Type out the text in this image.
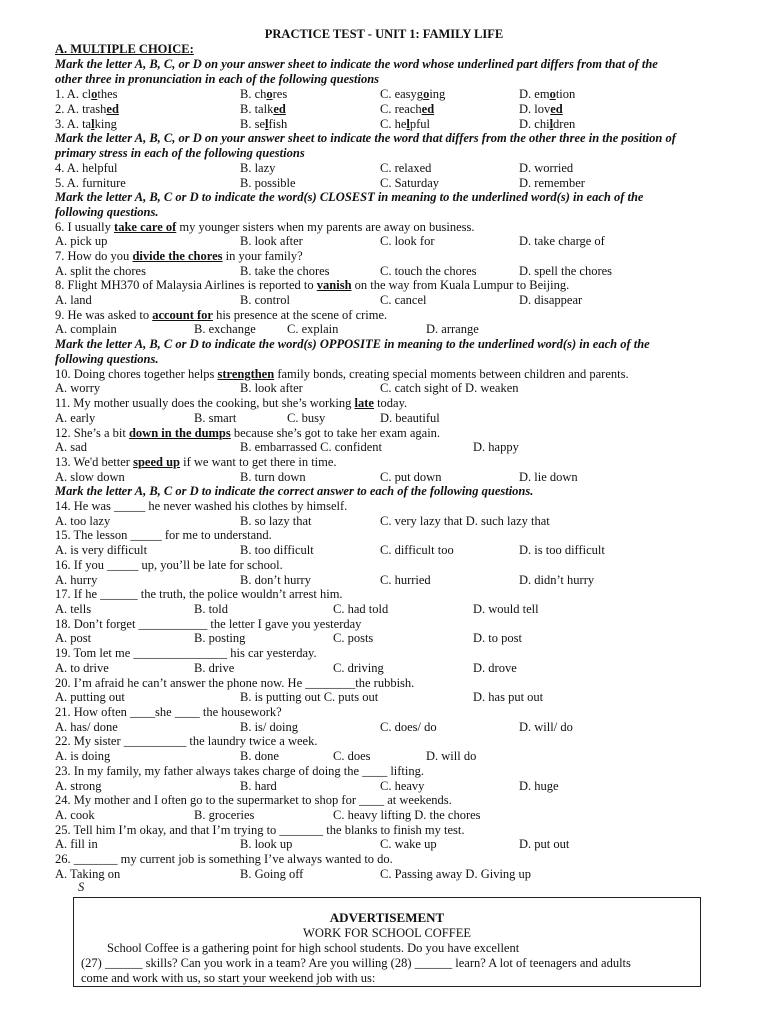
PRACTICE TEST - UNIT 1: FAMILY LIFE
A. MULTIPLE CHOICE:
Mark the letter A, B, C, or D on your answer sheet to indicate the word whose underlined part differs from that of the
other three in pronunciation in each of the following questions
1. A. clothes	B. chores	C. easygoing	D. emotion
2. A. trashed	B. talked	C. reached	D. loved
3. A. talking	B. selfish	C. helpful	D. children
Mark the letter A, B, C, or D on your answer sheet to indicate the word that differs from the other three in the position of
primary stress in each of the following questions
4. A. helpful	B. lazy	C. relaxed	D. worried
5. A. furniture	B. possible	C. Saturday	D. remember
Mark the letter A, B, C or D to indicate the word(s) CLOSEST in meaning to the underlined word(s) in each of the
following questions.
6. I usually take care of my younger sisters when my parents are away on business.
A. pick up	B. look after	C. look for	D. take charge of
7. How do you divide the chores in your family?
A. split the chores	B. take the chores	C. touch the chores	D. spell the chores
8. Flight MH370 of Malaysia Airlines is reported to vanish on the way from Kuala Lumpur to Beijing.
A. land	B. control	C. cancel	D. disappear
9. He was asked to account for his presence at the scene of crime.
A. complain	B. exchange C. explain	D. arrange
Mark the letter A, B, C or D to indicate the word(s) OPPOSITE in meaning to the underlined word(s) in each of the
following questions.
10. Doing chores together helps strengthen family bonds, creating special moments between children and parents.
A. worry	B. look after	C. catch sight of D. weaken
11. My mother usually does the cooking, but she’s working late today.
A. early	B. smart	C. busy	D. beautiful
12. She’s a bit down in the dumps because she’s got to take her exam again.
A. sad	B. embarrassed C. confident	D. happy
13. We'd better speed up if we want to get there in time.
A. slow down	B. turn down	C. put down	D. lie down
Mark the letter A, B, C or D to indicate the correct answer to each of the following questions.
14. He was _____ he never washed his clothes by himself.
A. too lazy	B. so lazy that	C. very lazy that D. such lazy that
15. The lesson _____ for me to understand.
A. is very difficult	B. too difficult	C. difficult too	D. is too difficult
16. If you _____ up, you’ll be late for school.
A. hurry	B. don’t hurry	C. hurried	D. didn’t hurry
17. If he ______ the truth, the police wouldn’t arrest him.
A. tells	B. told	C. had told	D. would tell
18. Don’t forget ___________ the letter I gave you yesterday
A. post	B. posting	C. posts	D. to post
19. Tom let me _______________ his car yesterday.
A. to drive	B. drive	C. driving	D. drove
20. I’m afraid he can’t answer the phone now. He ________the rubbish.
A. putting out	B. is putting out C. puts out	D. has put out
21. How often ____she ____ the housework?
A. has/ done	B. is/ doing	C. does/ do	D. will/ do
22. My sister __________ the laundry twice a week.
A. is doing	B. done	C. does	D. will do
23. In my family, my father always takes charge of doing the ____ lifting.
A. strong	B. hard	C. heavy	D. huge
24. My mother and I often go to the supermarket to shop for ____ at weekends.
A. cook	B. groceries	C. heavy lifting D. the chores
25. Tell him I’m okay, and that I’m trying to _______ the blanks to finish my test.
A. fill in	B. look up	C. wake up	D. put out
26. _______ my current job is something I’ve always wanted to do.
A. Taking on	B. Going off	C. Passing away D. Giving up
S
ADVERTISEMENT
WORK FOR SCHOOL COFFEE
School Coffee is a gathering point for high school students. Do you have excellent
(27) ______ skills? Can you work in a team? Are you willing (28) ______ learn? A lot of teenagers and adults
come and work with us, so start your weekend job with us:
